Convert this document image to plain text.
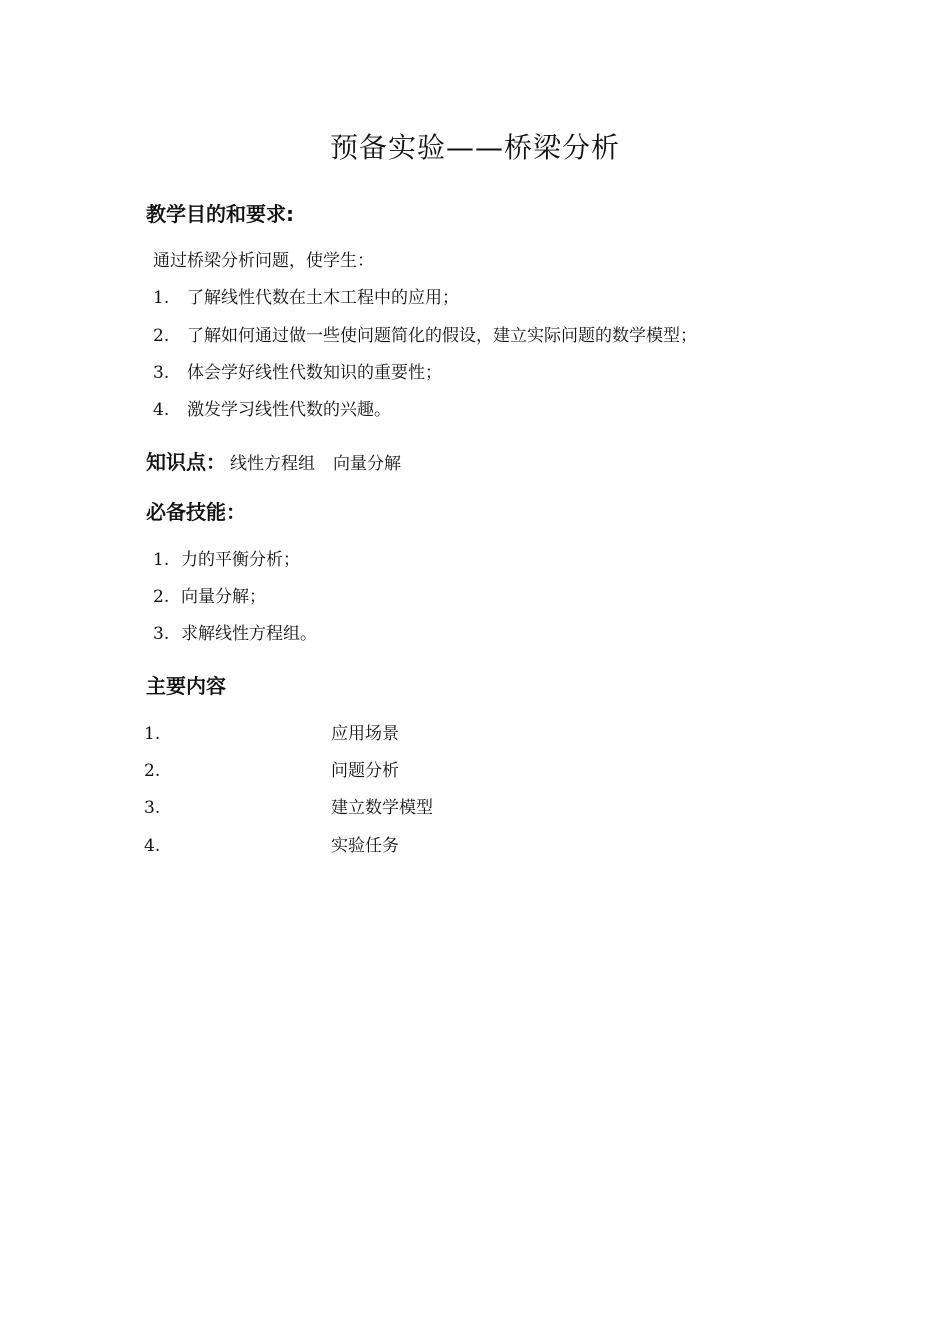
预备实验——桥梁分析
教学目的和要求:
通过桥梁分析问题，使学生：
1. 了解线性代数在土木工程中的应用；
2. 了解如何通过做一些使问题简化的假设，建立实际问题的数学模型；
3. 体会学好线性代数知识的重要性；
4. 激发学习线性代数的兴趣。
知识点： 线性方程组 向量分解
必备技能：
1. 力的平衡分析；
2. 向量分解；
3. 求解线性方程组。
主要内容
1.	应用场景
2.	问题分析
3.	建立数学模型
4.	实验任务
